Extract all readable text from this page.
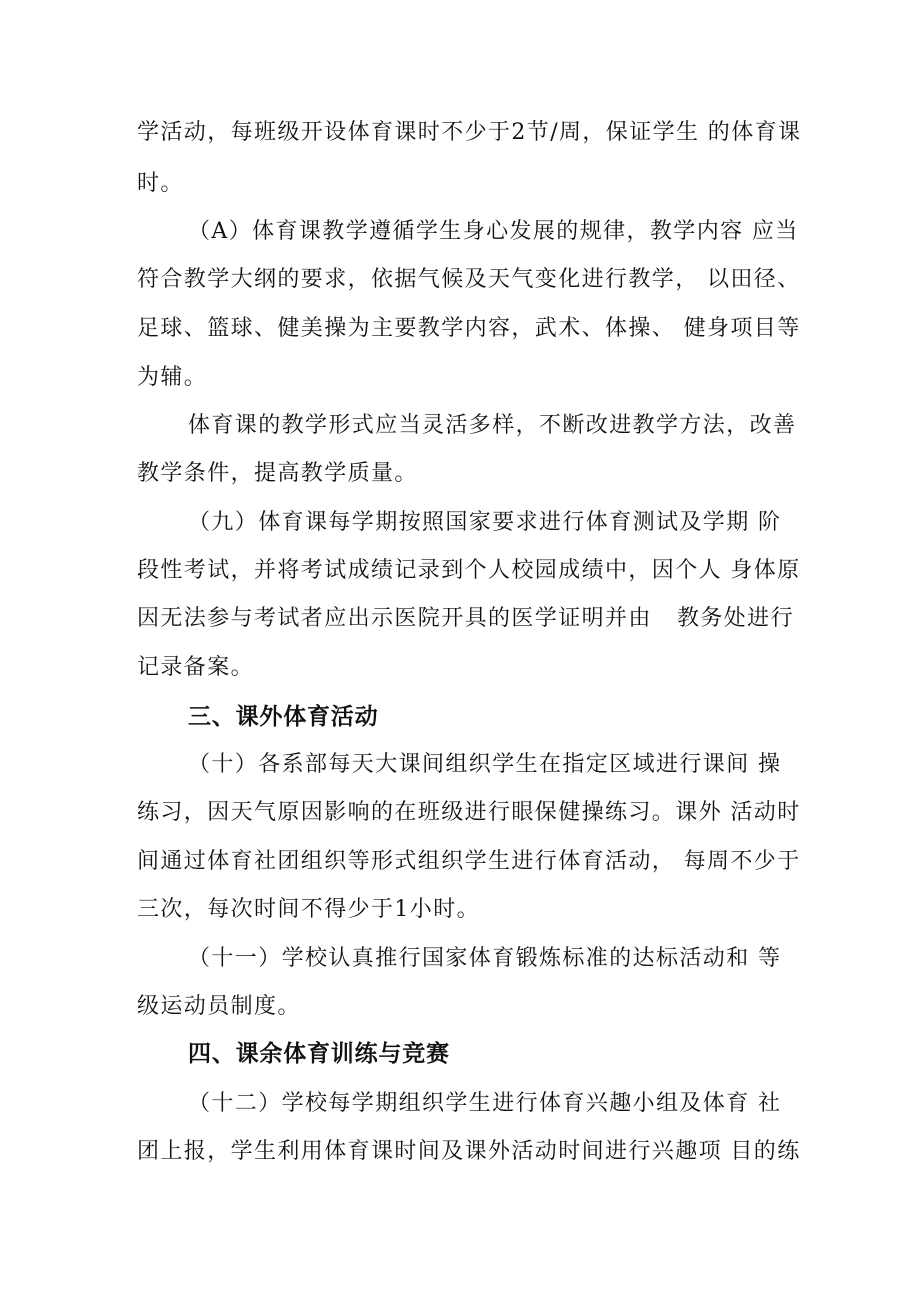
学活动，每班级开设体育课时不少于2节/周，保证学生 的体育课
时。
（A）体育课教学遵循学生身心发展的规律，教学内容 应当
符合教学大纲的要求，依据气候及天气变化进行教学， 以田径、
足球、篮球、健美操为主要教学内容，武术、体操、 健身项目等
为辅。
体育课的教学形式应当灵活多样，不断改进教学方法，改善
教学条件，提高教学质量。
（九）体育课每学期按照国家要求进行体育测试及学期 阶
段性考试，并将考试成绩记录到个人校园成绩中，因个人 身体原
因无法参与考试者应出示医院开具的医学证明并由   教务处进行
记录备案。
三、课外体育活动
（十）各系部每天大课间组织学生在指定区域进行课间 操
练习，因天气原因影响的在班级进行眼保健操练习。课外 活动时
间通过体育社团组织等形式组织学生进行体育活动， 每周不少于
三次，每次时间不得少于1小时。
（十一）学校认真推行国家体育锻炼标准的达标活动和 等
级运动员制度。
四、课余体育训练与竞赛
（十二）学校每学期组织学生进行体育兴趣小组及体育 社
团上报，学生利用体育课时间及课外活动时间进行兴趣项 目的练
